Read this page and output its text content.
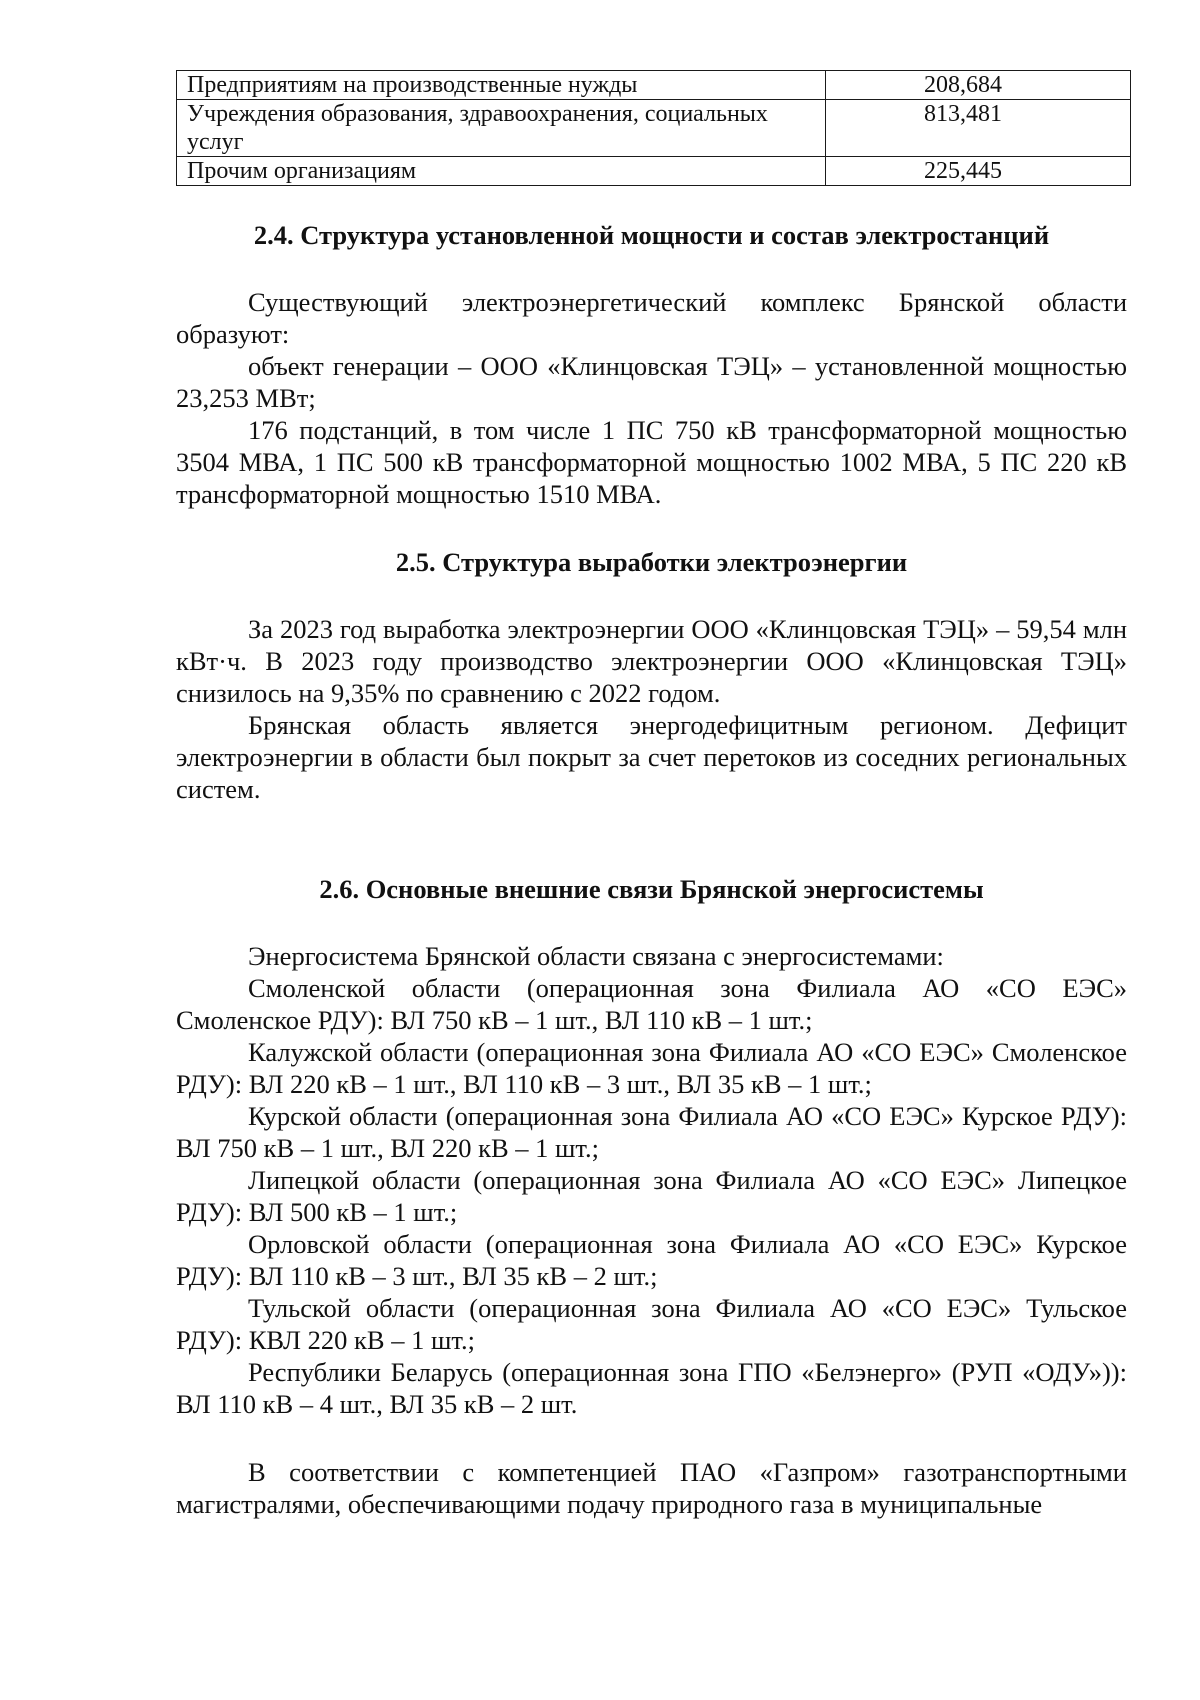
Предприятиям на производственные нужды	208,684
Учреждения образования, здравоохранения, социальных услуг	813,481
Прочим организациям	225,445
2.4. Структура установленной мощности и состав электростанций

Существующий электроэнергетический комплекс Брянской области образуют:

объект генерации – ООО «Клинцовская ТЭЦ» – установленной мощностью 23,253 МВт;

176 подстанций, в том числе 1 ПС 750 кВ трансформаторной мощностью 3504 МВА, 1 ПС 500 кВ трансформаторной мощностью 1002 МВА, 5 ПС 220 кВ трансформаторной мощностью 1510 МВА.

2.5. Структура выработки электроэнергии

За 2023 год выработка электроэнергии ООО «Клинцовская ТЭЦ» – 59,54 млн кВт·ч. В 2023 году производство электроэнергии ООО «Клинцовская ТЭЦ» снизилось на 9,35% по сравнению с 2022 годом.

Брянская область является энергодефицитным регионом. Дефицит электроэнергии в области был покрыт за счет перетоков из соседних региональных систем.

2.6. Основные внешние связи Брянской энергосистемы

Энергосистема Брянской области связана с энергосистемами:

Смоленской области (операционная зона Филиала АО «СО ЕЭС» Смоленское РДУ): ВЛ 750 кВ – 1 шт., ВЛ 110 кВ – 1 шт.;

Калужской области (операционная зона Филиала АО «СО ЕЭС» Смоленское РДУ): ВЛ 220 кВ – 1 шт., ВЛ 110 кВ – 3 шт., ВЛ 35 кВ – 1 шт.;

Курской области (операционная зона Филиала АО «СО ЕЭС» Курское РДУ): ВЛ 750 кВ – 1 шт., ВЛ 220 кВ – 1 шт.;

Липецкой области (операционная зона Филиала АО «СО ЕЭС» Липецкое РДУ): ВЛ 500 кВ – 1 шт.;

Орловской области (операционная зона Филиала АО «СО ЕЭС» Курское РДУ): ВЛ 110 кВ – 3 шт., ВЛ 35 кВ – 2 шт.;

Тульской области (операционная зона Филиала АО «СО ЕЭС» Тульское РДУ): КВЛ 220 кВ – 1 шт.;

Республики Беларусь (операционная зона ГПО «Белэнерго» (РУП «ОДУ»)): ВЛ 110 кВ – 4 шт., ВЛ 35 кВ – 2 шт.

В соответствии с компетенцией ПАО «Газпром» газотранспортными магистралями, обеспечивающими подачу природного газа в муниципальные
